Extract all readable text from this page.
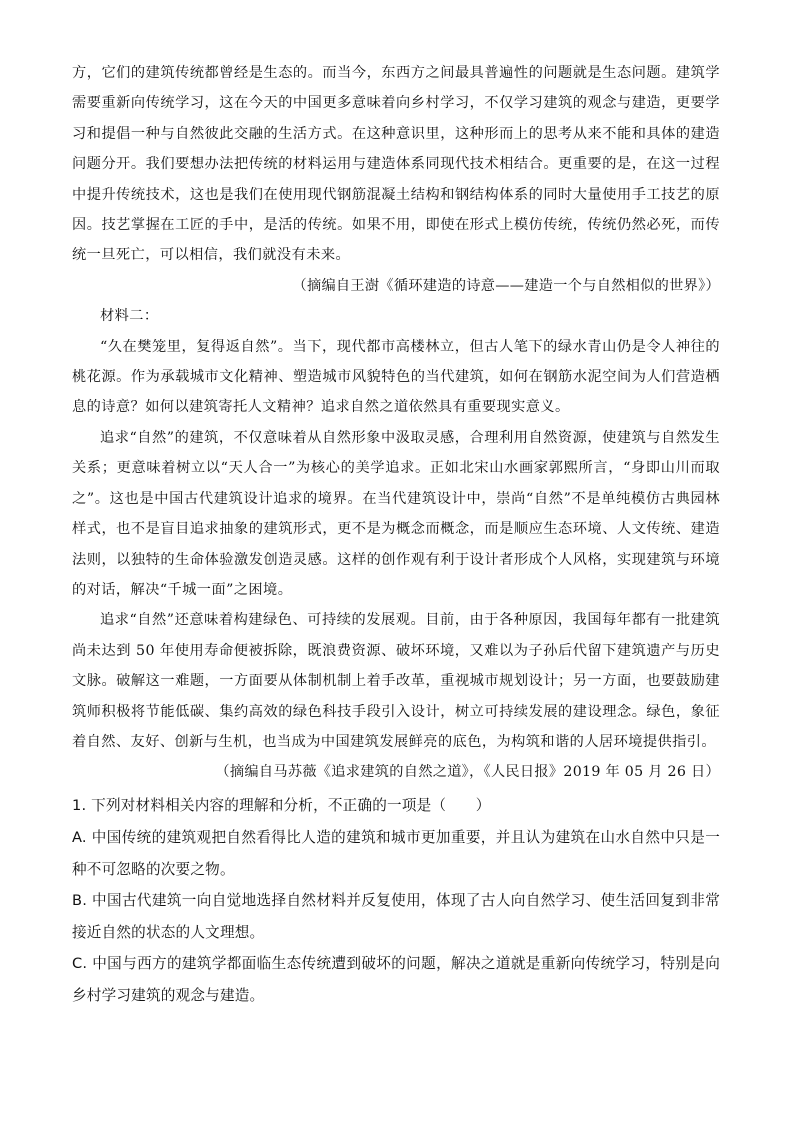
方，它们的建筑传统都曾经是生态的。而当今，东西方之间最具普遍性的问题就是生态问题。建筑学需要重新向传统学习，这在今天的中国更多意味着向乡村学习，不仅学习建筑的观念与建造，更要学习和提倡一种与自然彼此交融的生活方式。在这种意识里，这种形而上的思考从来不能和具体的建造问题分开。我们要想办法把传统的材料运用与建造体系同现代技术相结合。更重要的是，在这一过程中提升传统技术，这也是我们在使用现代钢筋混凝土结构和钢结构体系的同时大量使用手工技艺的原因。技艺掌握在工匠的手中，是活的传统。如果不用，即使在形式上模仿传统，传统仍然必死，而传统一旦死亡，可以相信，我们就没有未来。

（摘编自王澍《循环建造的诗意——建造一个与自然相似的世界》）

材料二：

“久在樊笼里，复得返自然”。当下，现代都市高楼林立，但古人笔下的绿水青山仍是令人神往的桃花源。作为承载城市文化精神、塑造城市风貌特色的当代建筑，如何在钢筋水泥空间为人们营造栖息的诗意？如何以建筑寄托人文精神？追求自然之道依然具有重要现实意义。

追求“自然”的建筑，不仅意味着从自然形象中汲取灵感，合理利用自然资源，使建筑与自然发生关系；更意味着树立以“天人合一”为核心的美学追求。正如北宋山水画家郭熙所言，“身即山川而取之”。这也是中国古代建筑设计追求的境界。在当代建筑设计中，崇尚“自然”不是单纯模仿古典园林样式，也不是盲目追求抽象的建筑形式，更不是为概念而概念，而是顺应生态环境、人文传统、建造法则，以独特的生命体验激发创造灵感。这样的创作观有利于设计者形成个人风格，实现建筑与环境的对话，解决“千城一面”之困境。

追求“自然”还意味着构建绿色、可持续的发展观。目前，由于各种原因，我国每年都有一批建筑尚未达到 50 年使用寿命便被拆除，既浪费资源、破坏环境，又难以为子孙后代留下建筑遗产与历史文脉。破解这一难题，一方面要从体制机制上着手改革，重视城市规划设计；另一方面，也要鼓励建筑师积极将节能低碳、集约高效的绿色科技手段引入设计，树立可持续发展的建设理念。绿色，象征着自然、友好、创新与生机，也当成为中国建筑发展鲜亮的底色，为构筑和谐的人居环境提供指引。

（摘编自马苏薇《追求建筑的自然之道》，《人民日报》2019 年 05 月 26 日）

1. 下列对材料相关内容的理解和分析，不正确的一项是（　　）

A. 中国传统的建筑观把自然看得比人造的建筑和城市更加重要，并且认为建筑在山水自然中只是一种不可忽略的次要之物。

B. 中国古代建筑一向自觉地选择自然材料并反复使用，体现了古人向自然学习、使生活回复到非常接近自然的状态的人文理想。

C. 中国与西方的建筑学都面临生态传统遭到破坏的问题，解决之道就是重新向传统学习，特别是向乡村学习建筑的观念与建造。
